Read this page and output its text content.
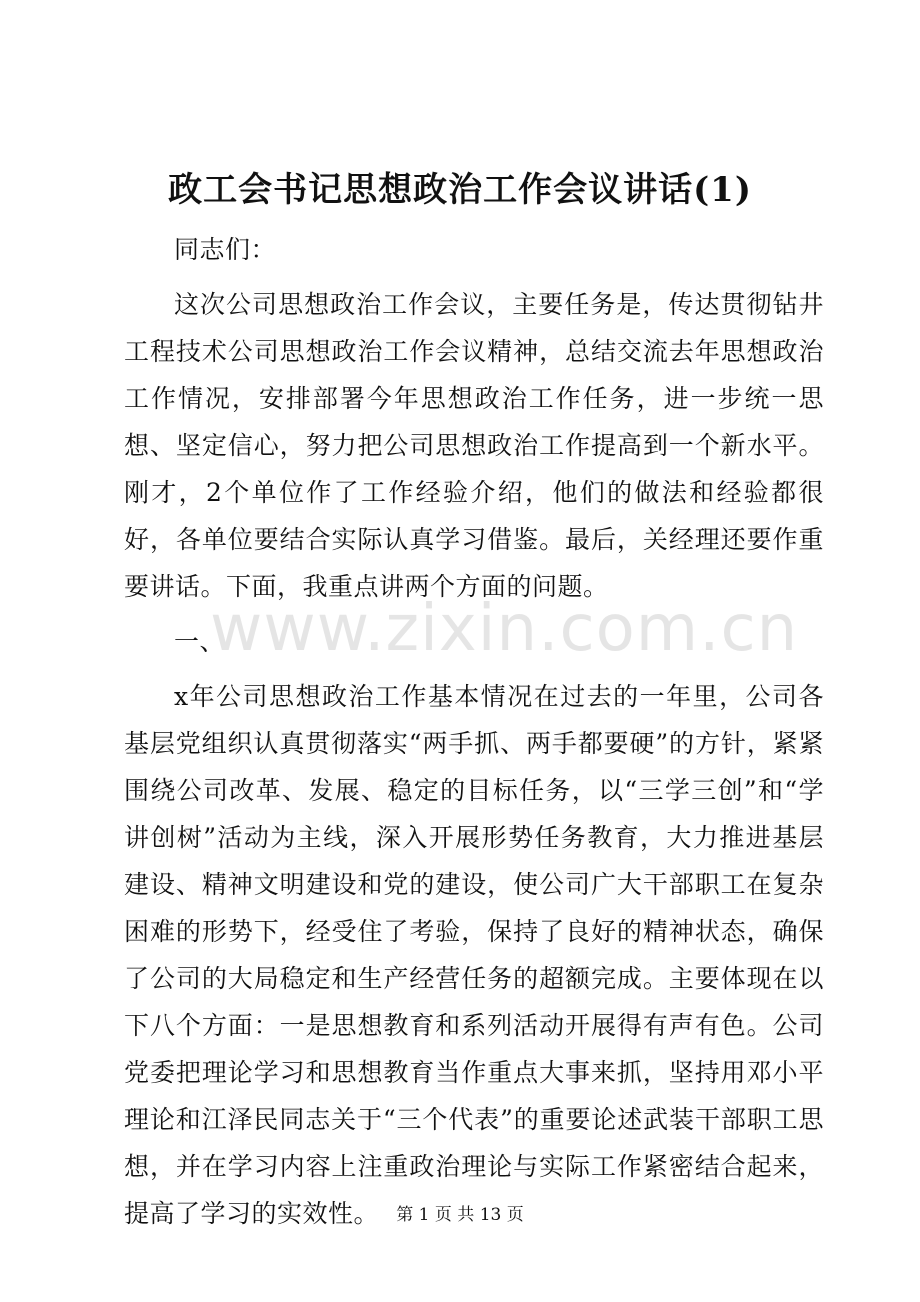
政工会书记思想政治工作会议讲话(1)

同志们：

这次公司思想政治工作会议，主要任务是，传达贯彻钻井工程技术公司思想政治工作会议精神，总结交流去年思想政治工作情况，安排部署今年思想政治工作任务，进一步统一思想、坚定信心，努力把公司思想政治工作提高到一个新水平。刚才，2个单位作了工作经验介绍，他们的做法和经验都很好，各单位要结合实际认真学习借鉴。最后，关经理还要作重要讲话。下面，我重点讲两个方面的问题。

一、

x年公司思想政治工作基本情况在过去的一年里，公司各基层党组织认真贯彻落实“两手抓、两手都要硬”的方针，紧紧围绕公司改革、发展、稳定的目标任务，以“三学三创”和“学讲创树”活动为主线，深入开展形势任务教育，大力推进基层建设、精神文明建设和党的建设，使公司广大干部职工在复杂困难的形势下，经受住了考验，保持了良好的精神状态，确保了公司的大局稳定和生产经营任务的超额完成。主要体现在以下八个方面：一是思想教育和系列活动开展得有声有色。公司党委把理论学习和思想教育当作重点大事来抓，坚持用邓小平理论和江泽民同志关于“三个代表”的重要论述武装干部职工思想，并在学习内容上注重政治理论与实际工作紧密结合起来，提高了学习的实效性。

www.zixin.com.cn
第 1 页 共 13 页
